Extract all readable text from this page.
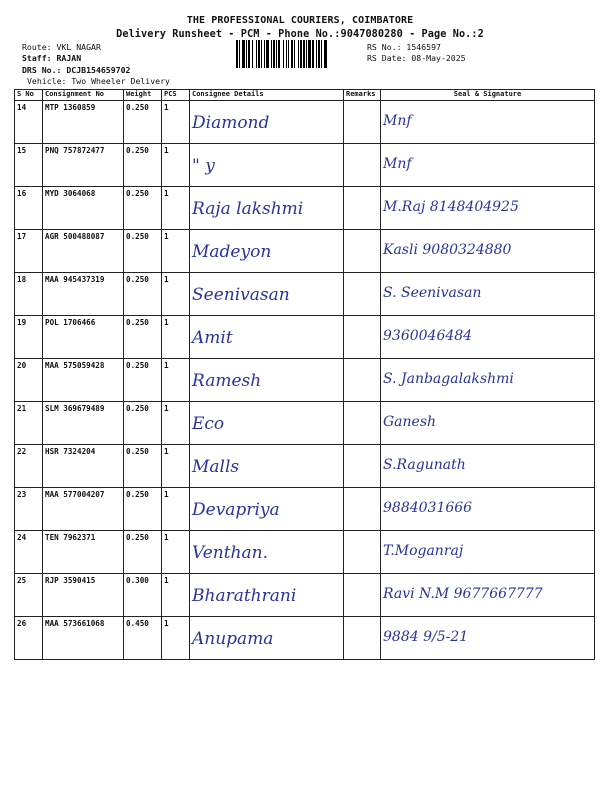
THE PROFESSIONAL COURIERS, COIMBATORE
Delivery Runsheet - PCM - Phone No.:9047080280 - Page No.:2
Route: VKL NAGAR
Staff: RAJAN
DRS No.: DCJB154659702
Vehicle: Two Wheeler Delivery
RS No.: 1546597
RS Date: 08-May-2025
S No	Consignment No	Weight	PCS	Consignee Details	Remarks	Seal & Signature
14	MTP 1360859	0.250	1	Diamond		Mnf
15	PNQ 757872477	0.250	1	" y		Mnf
16	MYD 3064068	0.250	1	Raja lakshmi		M.Raj 8148404925
17	AGR 500488087	0.250	1	Madeyon		Kasli 9080324880
18	MAA 945437319	0.250	1	Seenivasan		S. Seenivasan
19	POL 1706466	0.250	1	Amit		9360046484
20	MAA 575059428	0.250	1	Ramesh		S. Janbagalakshmi
21	SLM 369679489	0.250	1	Eco		Ganesh
22	HSR 7324204	0.250	1	Malls		S.Ragunath
23	MAA 577004207	0.250	1	Devapriya		9884031666
24	TEN 7962371	0.250	1	Venthan.		T.Moganraj
25	RJP 3590415	0.300	1	Bharathrani		Ravi N.M 9677667777
26	MAA 573661068	0.450	1	Anupama		9884 9/5-21
